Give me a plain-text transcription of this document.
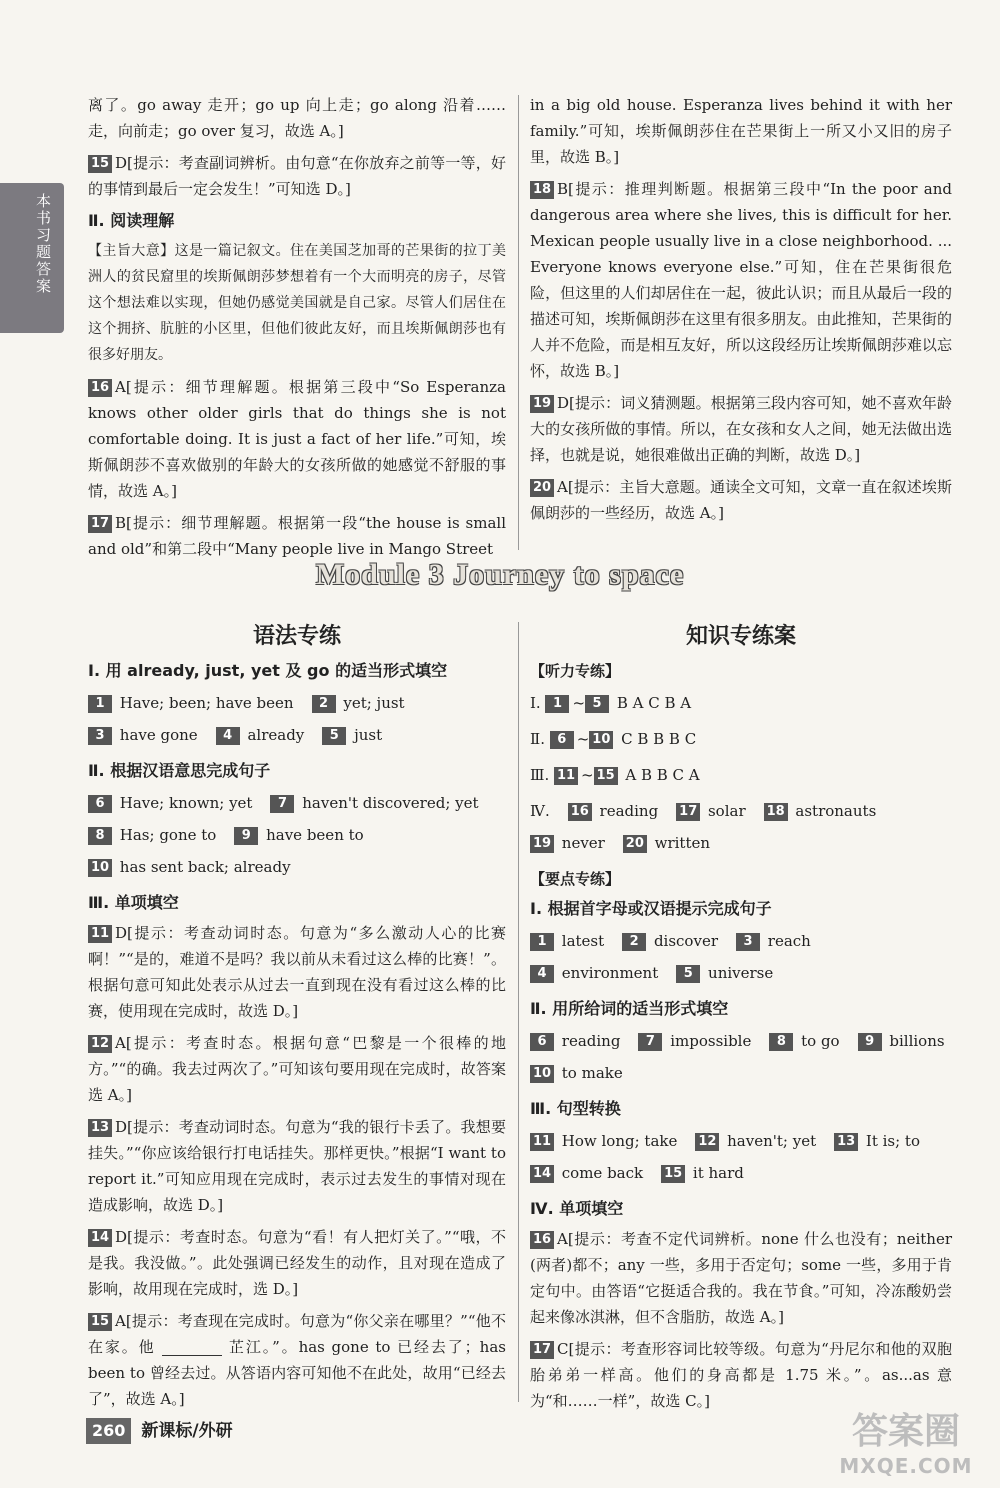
本书习题答案

离了。go away 走开；go up 向上走；go along 沿着……走，向前走；go over 复习，故选 A。]

15 D[提示：考查副词辨析。由句意“在你放弃之前等一等，好的事情到最后一定会发生！”可知选 D。]

Ⅱ. 阅读理解

【主旨大意】这是一篇记叙文。住在美国芝加哥的芒果街的拉丁美洲人的贫民窟里的埃斯佩朗莎梦想着有一个大而明亮的房子，尽管这个想法难以实现，但她仍感觉美国就是自己家。尽管人们居住在这个拥挤、肮脏的小区里，但他们彼此友好，而且埃斯佩朗莎也有很多好朋友。

16 A[提示：细节理解题。根据第三段中“So Esperanza knows other older girls that do things she is not comfortable doing. It is just a fact of her life.”可知，埃斯佩朗莎不喜欢做别的年龄大的女孩所做的她感觉不舒服的事情，故选 A。]

17 B[提示：细节理解题。根据第一段“the house is small and old”和第二段中“Many people live in Mango Street

in a big old house. Esperanza lives behind it with her family.”可知，埃斯佩朗莎住在芒果街上一所又小又旧的房子里，故选 B。]

18 B[提示：推理判断题。根据第三段中“In the poor and dangerous area where she lives, this is difficult for her. Mexican people usually live in a close neighborhood. ... Everyone knows everyone else.”可知，住在芒果街很危险，但这里的人们却居住在一起，彼此认识；而且从最后一段的描述可知，埃斯佩朗莎在这里有很多朋友。由此推知，芒果街的人并不危险，而是相互友好，所以这段经历让埃斯佩朗莎难以忘怀，故选 B。]

19 D[提示：词义猜测题。根据第三段内容可知，她不喜欢年龄大的女孩所做的事情。所以，在女孩和女人之间，她无法做出选择，也就是说，她很难做出正确的判断，故选 D。]

20 A[提示：主旨大意题。通读全文可知，文章一直在叙述埃斯佩朗莎的一些经历，故选 A。]

Module 3 Journey to space
语法专练
Ⅰ. 用 already, just, yet 及 go 的适当形式填空
1 Have; been; have been	2 yet; just
3 have gone	4 already	5 just
Ⅱ. 根据汉语意思完成句子
6 Have; known; yet	7 haven't discovered; yet
8 Has; gone to	9 have been to
10 has sent back; already
Ⅲ. 单项填空

11 D[提示：考查动词时态。句意为“多么激动人心的比赛啊！”“是的，难道不是吗？我以前从未看过这么棒的比赛！”。根据句意可知此处表示从过去一直到现在没有看过这么棒的比赛，使用现在完成时，故选 D。]

12 A[提示：考查时态。根据句意“巴黎是一个很棒的地方。”“的确。我去过两次了。”可知该句要用现在完成时，故答案选 A。]

13 D[提示：考查动词时态。句意为“我的银行卡丢了。我想要挂失。”“你应该给银行打电话挂失。那样更快。”根据“I want to report it.”可知应用现在完成时，表示过去发生的事情对现在造成影响，故选 D。]

14 D[提示：考查时态。句意为“看！有人把灯关了。”“哦，不是我。我没做。”。此处强调已经发生的动作，且对现在造成了影响，故用现在完成时，选 D。]

15 A[提示：考查现在完成时。句意为“你父亲在哪里？”“他不在家。他	芷江。”。has gone to 已经去了；has been to 曾经去过。从答语内容可知他不在此处，故用“已经去了”，故选 A。]

知识专练案
【听力专练】
Ⅰ. 1 ~ 5 B A C B A
Ⅱ. 6 ~ 10 C B B B C
Ⅲ. 11 ~ 15 A B B C A
Ⅳ. 16 reading 17 solar 18 astronauts
19 never 20 written
【要点专练】
Ⅰ. 根据首字母或汉语提示完成句子
1 latest	2 discover	3 reach
4 environment	5 universe
Ⅱ. 用所给词的适当形式填空
6 reading	7 impossible	8 to go	9 billions
10 to make
Ⅲ. 句型转换
11 How long; take 12 haven't; yet 13 It is; to
14 come back 15 it hard
Ⅳ. 单项填空

16 A[提示：考查不定代词辨析。none 什么也没有；neither (两者)都不；any 一些，多用于否定句；some 一些，多用于肯定句中。由答语“它挺适合我的。我在节食。”可知，冷冻酸奶尝起来像冰淇淋，但不含脂肪，故选 A。]

17 C[提示：考查形容词比较等级。句意为“丹尼尔和他的双胞胎弟弟一样高。他们的身高都是 1.75 米。”。as...as 意为“和……一样”，故选 C。]

260 新课标/外研	答案圈
MXQE.COM
